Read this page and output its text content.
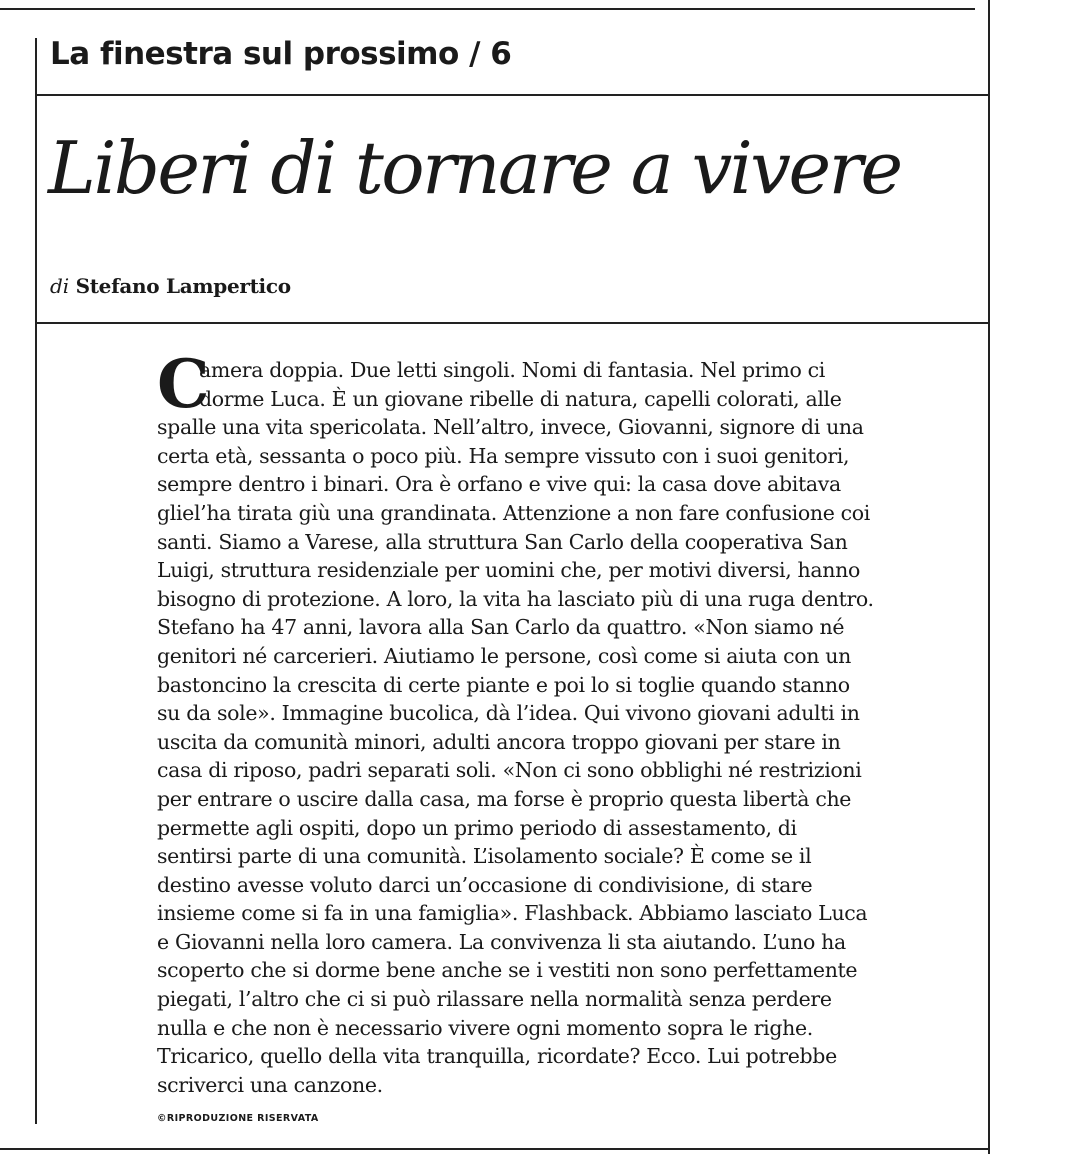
La finestra sul prossimo / 6
Liberi di tornare a vivere
di Stefano Lampertico
C
amera doppia. Due letti singoli. Nomi di fantasia. Nel primo ci
dorme Luca. È un giovane ribelle di natura, capelli colorati, alle
spalle una vita spericolata. Nell’altro, invece, Giovanni, signore di una
certa età, sessanta o poco più. Ha sempre vissuto con i suoi genitori,
sempre dentro i binari. Ora è orfano e vive qui: la casa dove abitava
gliel’ha tirata giù una grandinata. Attenzione a non fare confusione coi
santi. Siamo a Varese, alla struttura San Carlo della cooperativa San
Luigi, struttura residenziale per uomini che, per motivi diversi, hanno
bisogno di protezione. A loro, la vita ha lasciato più di una ruga dentro.
Stefano ha 47 anni, lavora alla San Carlo da quattro. «Non siamo né
genitori né carcerieri. Aiutiamo le persone, così come si aiuta con un
bastoncino la crescita di certe piante e poi lo si toglie quando stanno
su da sole». Immagine bucolica, dà l’idea. Qui vivono giovani adulti in
uscita da comunità minori, adulti ancora troppo giovani per stare in
casa di riposo, padri separati soli. «Non ci sono obblighi né restrizioni
per entrare o uscire dalla casa, ma forse è proprio questa libertà che
permette agli ospiti, dopo un primo periodo di assestamento, di
sentirsi parte di una comunità. L’isolamento sociale? È come se il
destino avesse voluto darci un’occasione di condivisione, di stare
insieme come si fa in una famiglia». Flashback. Abbiamo lasciato Luca
e Giovanni nella loro camera. La convivenza li sta aiutando. L’uno ha
scoperto che si dorme bene anche se i vestiti non sono perfettamente
piegati, l’altro che ci si può rilassare nella normalità senza perdere
nulla e che non è necessario vivere ogni momento sopra le righe.
Tricarico, quello della vita tranquilla, ricordate? Ecco. Lui potrebbe
scriverci una canzone.
©RIPRODUZIONE RISERVATA
